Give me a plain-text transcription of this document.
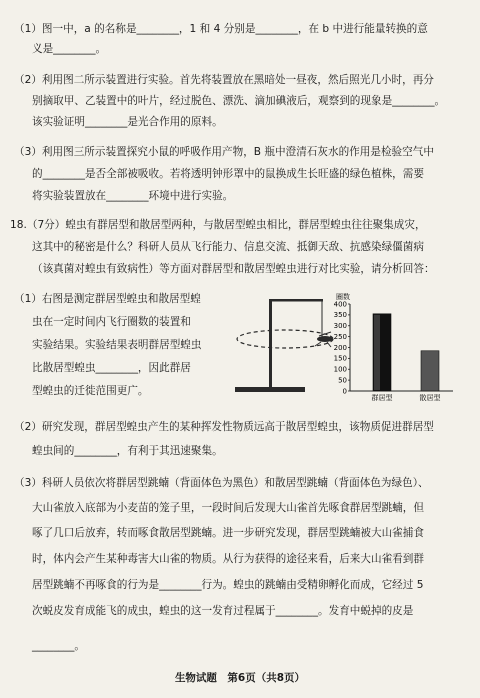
（1）图一中，a 的名称是________，1 和 4 分别是________，在 b 中进行能量转换的意
义是________。
（2）利用图二所示装置进行实验。首先将装置放在黑暗处一昼夜，然后照光几小时，再分
别摘取甲、乙装置中的叶片，经过脱色、漂洗、滴加碘液后，观察到的现象是________。
该实验证明________是光合作用的原料。
（3）利用图三所示装置探究小鼠的呼吸作用产物，B 瓶中澄清石灰水的作用是检验空气中
的________是否全部被吸收。若将透明钟形罩中的鼠换成生长旺盛的绿色植株，需要
将实验装置放在________环境中进行实验。
18.（7分）蝗虫有群居型和散居型两种，与散居型蝗虫相比，群居型蝗虫往往聚集成灾，
这其中的秘密是什么？科研人员从飞行能力、信息交流、抵御天敌、抗感染绿僵菌病
（该真菌对蝗虫有致病性）等方面对群居型和散居型蝗虫进行对比实验，请分析回答：
（1）右图是测定群居型蝗虫和散居型蝗
虫在一定时间内飞行圈数的装置和
实验结果。实验结果表明群居型蝗虫
比散居型蝗虫________，因此群居
型蝗虫的迁徙范围更广。
圈数
400
350
300
250
200
150
100
50
0
群居型	散居型
（2）研究发现，群居型蝗虫产生的某种挥发性物质远高于散居型蝗虫，该物质促进群居型
蝗虫间的________，有利于其迅速聚集。
（3）科研人员依次将群居型跳蝻（背面体色为黑色）和散居型跳蝻（背面体色为绿色）、
大山雀放入底部为小麦苗的笼子里，一段时间后发现大山雀首先啄食群居型跳蝻，但
啄了几口后放弃，转而啄食散居型跳蝻。进一步研究发现，群居型跳蝻被大山雀捕食
时，体内会产生某种毒害大山雀的物质。从行为获得的途径来看，后来大山雀看到群
居型跳蝻不再啄食的行为是________行为。蝗虫的跳蝻由受精卵孵化而成，它经过 5
次蜕皮发育成能飞的成虫，蝗虫的这一发育过程属于________。发育中蜕掉的皮是
________。
生物试题　第6页（共8页）
